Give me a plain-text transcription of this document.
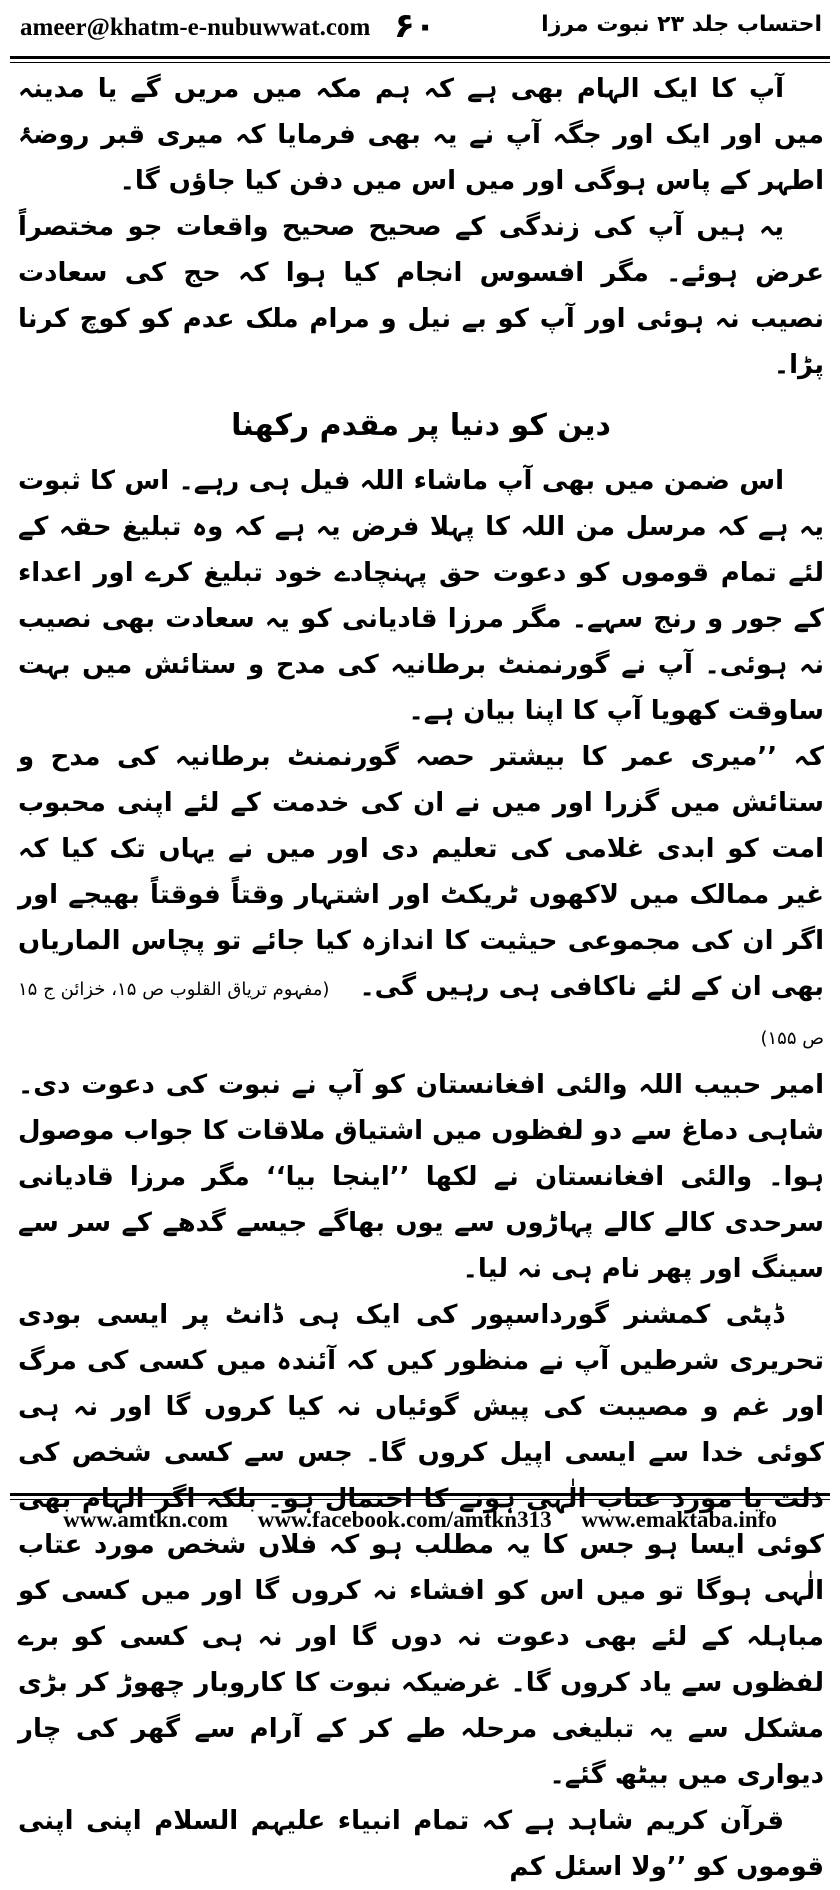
ameer@khatm-e-nubuwwat.com ۶۰	احتساب جلد ۲۳ نبوت مرزا

آپ کا ایک الہام بھی ہے کہ ہم مکہ میں مریں گے یا مدینہ میں اور ایک اور جگہ آپ نے یہ بھی فرمایا کہ میری قبر روضۂ اطہر کے پاس ہوگی اور میں اس میں دفن کیا جاؤں گا۔

یہ ہیں آپ کی زندگی کے صحیح صحیح واقعات جو مختصراً عرض ہوئے۔ مگر افسوس انجام کیا ہوا کہ حج کی سعادت نصیب نہ ہوئی اور آپ کو بے نیل و مرام ملک عدم کو کوچ کرنا پڑا۔

دین کو دنیا پر مقدم رکھنا

اس ضمن میں بھی آپ ماشاء اللہ فیل ہی رہے۔ اس کا ثبوت یہ ہے کہ مرسل من اللہ کا پہلا فرض یہ ہے کہ وہ تبلیغ حقہ کے لئے تمام قوموں کو دعوت حق پہنچادے خود تبلیغ کرے اور اعداء کے جور و رنج سہے۔ مگر مرزا قادیانی کو یہ سعادت بھی نصیب نہ ہوئی۔ آپ نے گورنمنٹ برطانیہ کی مدح و ستائش میں بہت ساوقت کھویا آپ کا اپنا بیان ہے۔

کہ ’’میری عمر کا بیشتر حصہ گورنمنٹ برطانیہ کی مدح و ستائش میں گزرا اور میں نے ان کی خدمت کے لئے اپنی محبوب امت کو ابدی غلامی کی تعلیم دی اور میں نے یہاں تک کیا کہ غیر ممالک میں لاکھوں ٹریکٹ اور اشتہار وقتاً فوقتاً بھیجے اور اگر ان کی مجموعی حیثیت کا اندازہ کیا جائے تو پچاس الماریاں بھی ان کے لئے ناکافی ہی رہیں گی۔(مفہوم تریاق القلوب ص ۱۵، خزائن ج ۱۵ ص ۱۵۵)

امیر حبیب اللہ والئی افغانستان کو آپ نے نبوت کی دعوت دی۔ شاہی دماغ سے دو لفظوں میں اشتیاق ملاقات کا جواب موصول ہوا۔ والئی افغانستان نے لکھا ’’اینجا بیا‘‘ مگر مرزا قادیانی سرحدی کالے کالے پہاڑوں سے یوں بھاگے جیسے گدھے کے سر سے سینگ اور پھر نام ہی نہ لیا۔

ڈپٹی کمشنر گورداسپور کی ایک ہی ڈانٹ پر ایسی بودی تحریری شرطیں آپ نے منظور کیں کہ آئندہ میں کسی کی مرگ اور غم و مصیبت کی پیش گوئیاں نہ کیا کروں گا اور نہ ہی کوئی خدا سے ایسی اپیل کروں گا۔ جس سے کسی شخص کی یا کوئی ایسا ہو جس کا یہ مطلب ہو کہ فلاں شخص مورد عتاب الٰہی ہوگا تو میں اس کو افشاء نہ کروں گا اور میں کسی کو مباہلہ کے لئے بھی دعوت نہ دوں گا اور نہ ہی کسی کو برے لفظوں سے یاد کروں گا۔ غرضیکہ نبوت کا کاروبار چھوڑ کر بڑی مشکل سے یہ تبلیغی مرحلہ طے کر کے آرام سے گھر کی چار دیواری میں بیٹھ گئے۔

قرآن کریم شاہد ہے کہ تمام انبیاء علیہم السلام اپنی اپنی قوموں کو ’’ولا اسئل کم

www.amtkn.com www.facebook.com/amtkn313 www.emaktaba.info
